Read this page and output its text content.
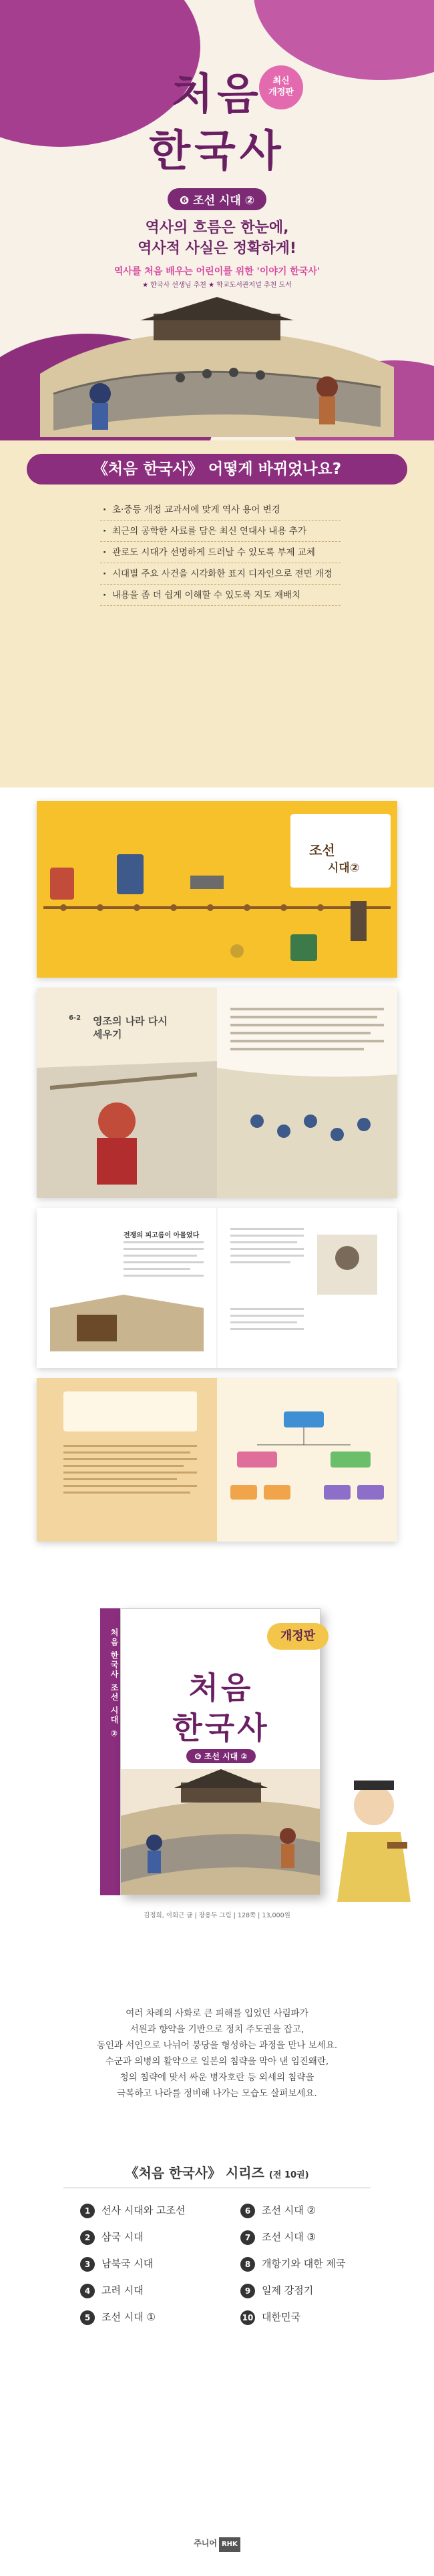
최신
개정판
처음
한국사
❻ 조선 시대 ②
역사의 흐름은 한눈에,
역사적 사실은 정확하게!
역사를 처음 배우는 어린이를 위한 '이야기 한국사'
★ 한국사 선생님 추천 ★ 학교도서관저널 추천 도서
《처음 한국사》 어떻게 바뀌었나요?
· 초·중등 개정 교과서에 맞게 역사 용어 변경
· 최근의 공학한 사료를 담은 최신 연대사 내용 추가
· 관로도 시대가 선명하게 드러날 수 있도록 부제 교체
· 시대별 주요 사건을 시각화한 표지 디자인으로 전면 개정
· 내용을 좀 더 쉽게 이해할 수 있도록 지도 재배치
조선
시대②
6-2 영조의 나라 다시 세우기
전쟁의 피고름이 아물었다
처음 한국사 조선 시대 ②	처음
한국사
❻ 조선 시대 ②
개정판
김정희, 이회근 글 | 장용두 그림 | 128쪽 | 13,000원
여러 차례의 사화로 큰 피해를 입었던 사림파가
서원과 향약을 기반으로 정치 주도권을 잡고,
동인과 서인으로 나뉘어 붕당을 형성하는 과정을 만나 보세요.
수군과 의병의 활약으로 일본의 침략을 막아 낸 임진왜란,
청의 침략에 맞서 싸운 병자호란 등 외세의 침략을
극복하고 나라를 정비해 나가는 모습도 살펴보세요.
《처음 한국사》 시리즈 (전 10권)
1 선사 시대와 고조선
2 삼국 시대
3 남북국 시대
4 고려 시대
5 조선 시대 ①
6 조선 시대 ②
7 조선 시대 ③
8 개항기와 대한 제국
9 일제 강점기
10 대한민국
주니어 RHK
